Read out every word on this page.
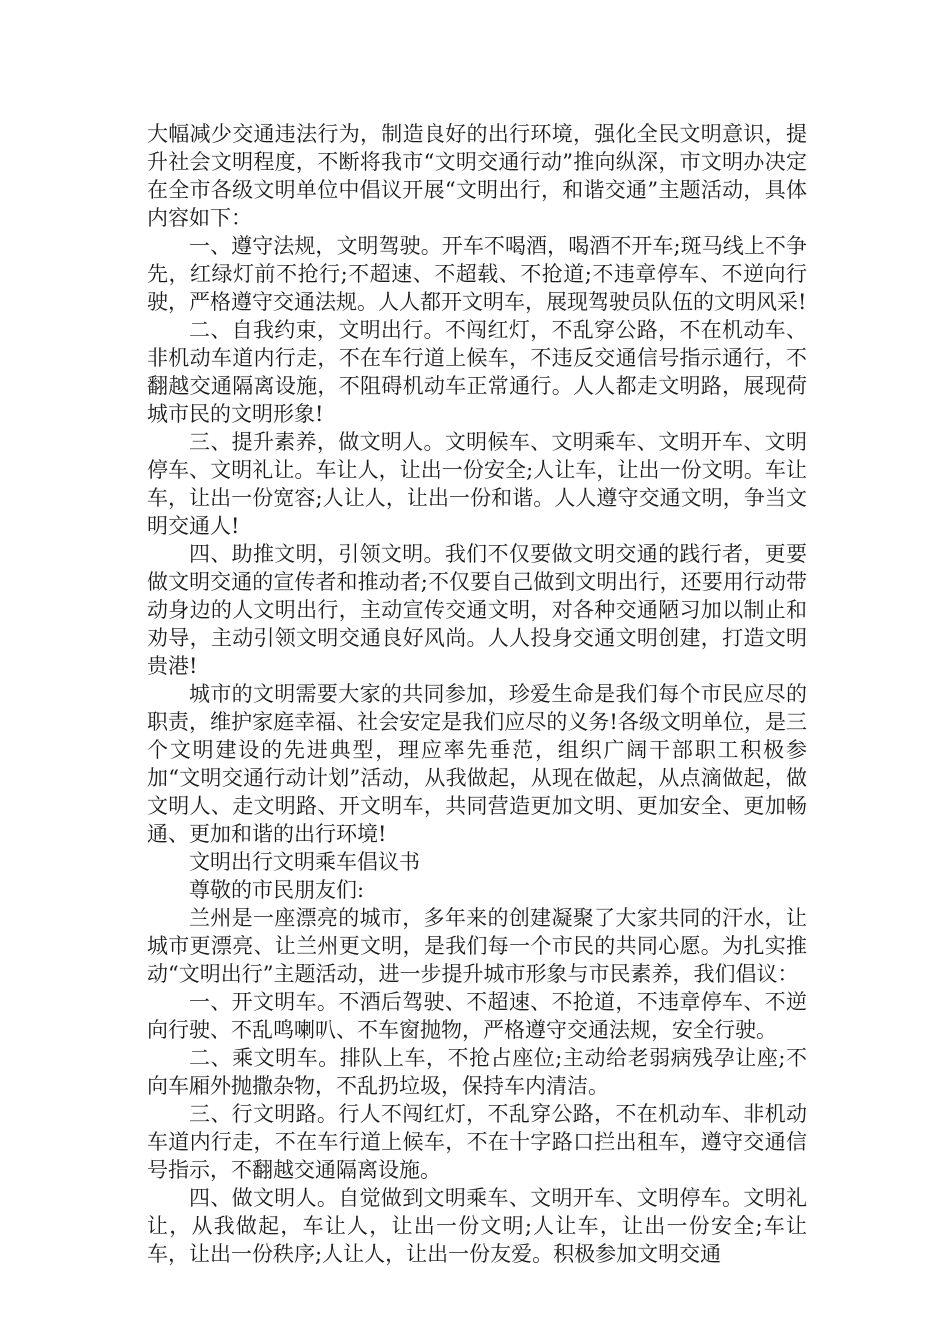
大幅减少交通违法行为，制造良好的出行环境，强化全民文明意识，提升社会文明程度，不断将我市“文明交通行动”推向纵深，市文明办决定在全市各级文明单位中倡议开展“文明出行，和谐交通”主题活动，具体内容如下：

一、遵守法规，文明驾驶。开车不喝酒，喝酒不开车;斑马线上不争先，红绿灯前不抢行;不超速、不超载、不抢道;不违章停车、不逆向行驶，严格遵守交通法规。人人都开文明车，展现驾驶员队伍的文明风采!

二、自我约束，文明出行。不闯红灯，不乱穿公路，不在机动车、非机动车道内行走，不在车行道上候车，不违反交通信号指示通行，不翻越交通隔离设施，不阻碍机动车正常通行。人人都走文明路，展现荷城市民的文明形象!

三、提升素养，做文明人。文明候车、文明乘车、文明开车、文明停车、文明礼让。车让人，让出一份安全;人让车，让出一份文明。车让车，让出一份宽容;人让人，让出一份和谐。人人遵守交通文明，争当文明交通人!

四、助推文明，引领文明。我们不仅要做文明交通的践行者，更要做文明交通的宣传者和推动者;不仅要自己做到文明出行，还要用行动带动身边的人文明出行，主动宣传交通文明，对各种交通陋习加以制止和劝导，主动引领文明交通良好风尚。人人投身交通文明创建，打造文明贵港!

城市的文明需要大家的共同参加，珍爱生命是我们每个市民应尽的职责，维护家庭幸福、社会安定是我们应尽的义务!各级文明单位，是三个文明建设的先进典型，理应率先垂范，组织广阔干部职工积极参加“文明交通行动计划”活动，从我做起，从现在做起，从点滴做起，做文明人、走文明路、开文明车，共同营造更加文明、更加安全、更加畅通、更加和谐的出行环境!

文明出行文明乘车倡议书

尊敬的市民朋友们:

兰州是一座漂亮的城市，多年来的创建凝聚了大家共同的汗水，让城市更漂亮、让兰州更文明，是我们每一个市民的共同心愿。为扎实推动“文明出行”主题活动，进一步提升城市形象与市民素养，我们倡议：

一、开文明车。不酒后驾驶、不超速、不抢道，不违章停车、不逆向行驶、不乱鸣喇叭、不车窗抛物，严格遵守交通法规，安全行驶。

二、乘文明车。排队上车，不抢占座位;主动给老弱病残孕让座;不向车厢外抛撒杂物，不乱扔垃圾，保持车内清洁。

三、行文明路。行人不闯红灯，不乱穿公路，不在机动车、非机动车道内行走，不在车行道上候车，不在十字路口拦出租车，遵守交通信号指示，不翻越交通隔离设施。

四、做文明人。自觉做到文明乘车、文明开车、文明停车。文明礼让，从我做起，车让人，让出一份文明;人让车，让出一份安全;车让车，让出一份秩序;人让人，让出一份友爱。积极参加文明交通
